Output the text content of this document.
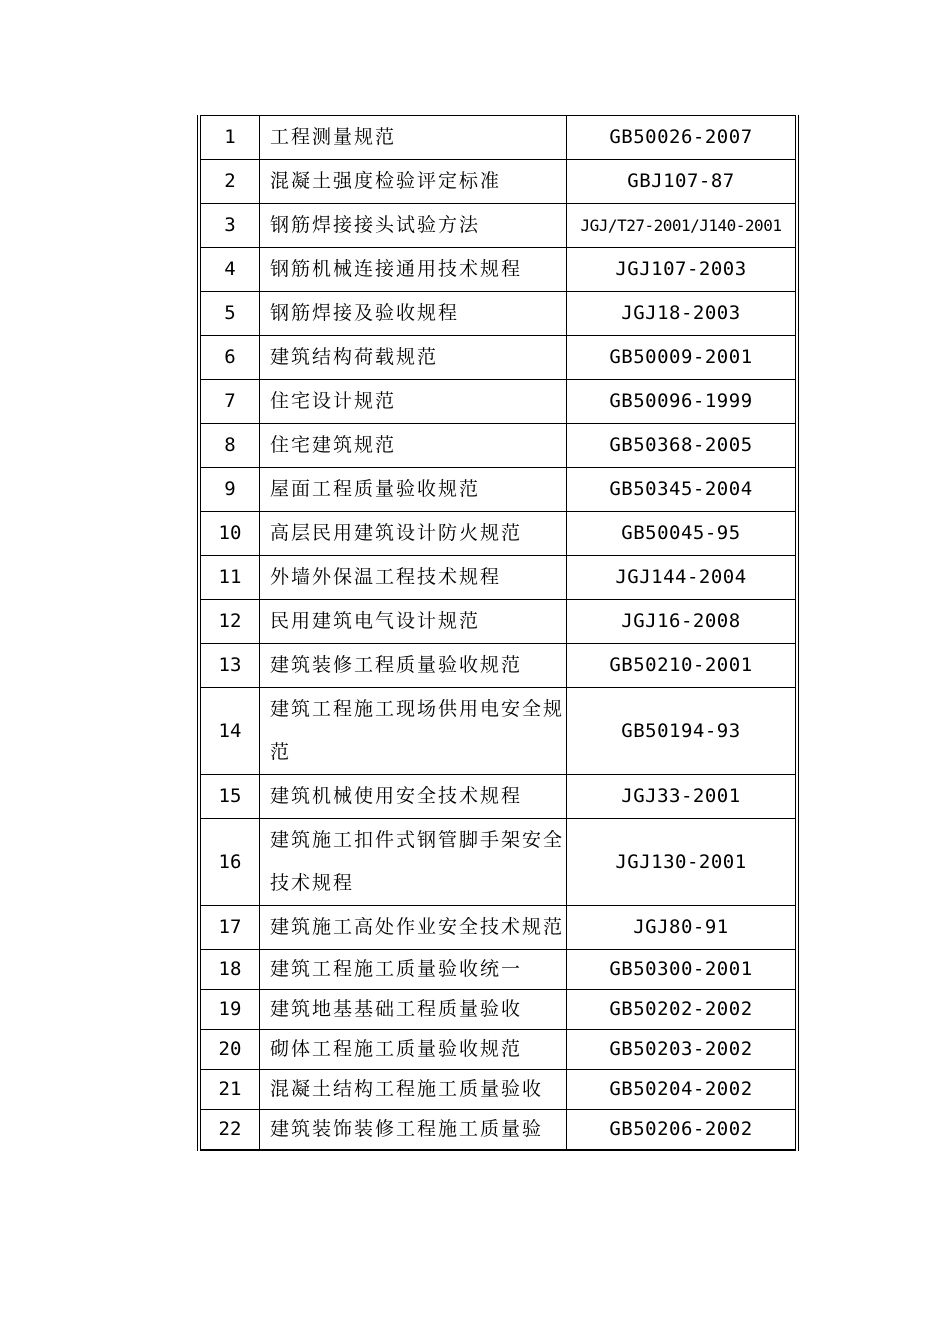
1	工程测量规范	GB50026-2007
2	混凝土强度检验评定标准	GBJ107-87
3	钢筋焊接接头试验方法	JGJ/T27-2001/J140-2001
4	钢筋机械连接通用技术规程	JGJ107-2003
5	钢筋焊接及验收规程	JGJ18-2003
6	建筑结构荷载规范	GB50009-2001
7	住宅设计规范	GB50096-1999
8	住宅建筑规范	GB50368-2005
9	屋面工程质量验收规范	GB50345-2004
10	高层民用建筑设计防火规范	GB50045-95
11	外墙外保温工程技术规程	JGJ144-2004
12	民用建筑电气设计规范	JGJ16-2008
13	建筑装修工程质量验收规范	GB50210-2001
14	建筑工程施工现场供用电安全规范	GB50194-93
15	建筑机械使用安全技术规程	JGJ33-2001
16	建筑施工扣件式钢管脚手架安全技术规程	JGJ130-2001
17	建筑施工高处作业安全技术规范	JGJ80-91
18	建筑工程施工质量验收统一	GB50300-2001
19	建筑地基基础工程质量验收	GB50202-2002
20	砌体工程施工质量验收规范	GB50203-2002
21	混凝土结构工程施工质量验收	GB50204-2002
22	建筑装饰装修工程施工质量验	GB50206-2002
